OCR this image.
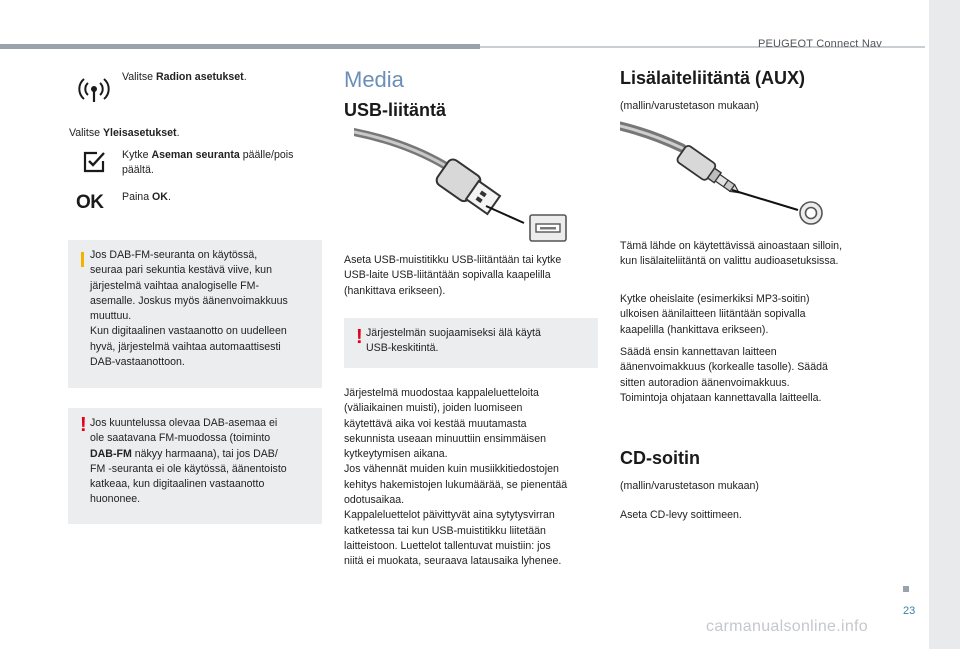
PEUGEOT Connect Nav
23
carmanualsonline.info
Valitse Radion asetukset.
Valitse Yleisasetukset.
Kytke Aseman seuranta päälle/pois päältä.
OK Paina OK.
Jos DAB-FM-seuranta on käytössä,
seuraa pari sekuntia kestävä viive, kun
järjestelmä vaihtaa analogiselle FM-
asemalle. Joskus myös äänenvoimakkuus
muuttuu.
Kun digitaalinen vastaanotto on uudelleen
hyvä, järjestelmä vaihtaa automaattisesti
DAB-vastaanottoon.
! Jos kuuntelussa olevaa DAB-asemaa ei
ole saatavana FM-muodossa (toiminto
DAB-FM näkyy harmaana), tai jos DAB/
FM -seuranta ei ole käytössä, äänentoisto
katkeaa, kun digitaalinen vastaanotto
huononee.
Media
USB-liitäntä
Aseta USB-muistitikku USB-liitäntään tai kytke
USB-laite USB-liitäntään sopivalla kaapelilla
(hankittava erikseen).
! Järjestelmän suojaamiseksi älä käytä
USB-keskitintä.
Järjestelmä muodostaa kappaleluetteloita
(väliaikainen muisti), joiden luomiseen
käytettävä aika voi kestää muutamasta
sekunnista useaan minuuttiin ensimmäisen
kytkeytymisen aikana.
Jos vähennät muiden kuin musiikkitiedostojen
kehitys hakemistojen lukumäärää, se pienentää
odotusaikaa.
Kappaleluettelot päivittyvät aina sytytysvirran
katketessa tai kun USB-muistitikku liitetään
laitteistoon. Luettelot tallentuvat muistiin: jos
niitä ei muokata, seuraava latausaika lyhenee.
Lisälaiteliitäntä (AUX)
(mallin/varustetason mukaan)
Tämä lähde on käytettävissä ainoastaan silloin,
kun lisälaiteliitäntä on valittu audioasetuksissa.
Kytke oheislaite (esimerkiksi MP3-soitin)
ulkoisen äänilaitteen liitäntään sopivalla
kaapelilla (hankittava erikseen).
Säädä ensin kannettavan laitteen
äänenvoimakkuus (korkealle tasolle). Säädä
sitten autoradion äänenvoimakkuus.
Toimintoja ohjataan kannettavalla laitteella.
CD-soitin
(mallin/varustetason mukaan)
Aseta CD-levy soittimeen.
